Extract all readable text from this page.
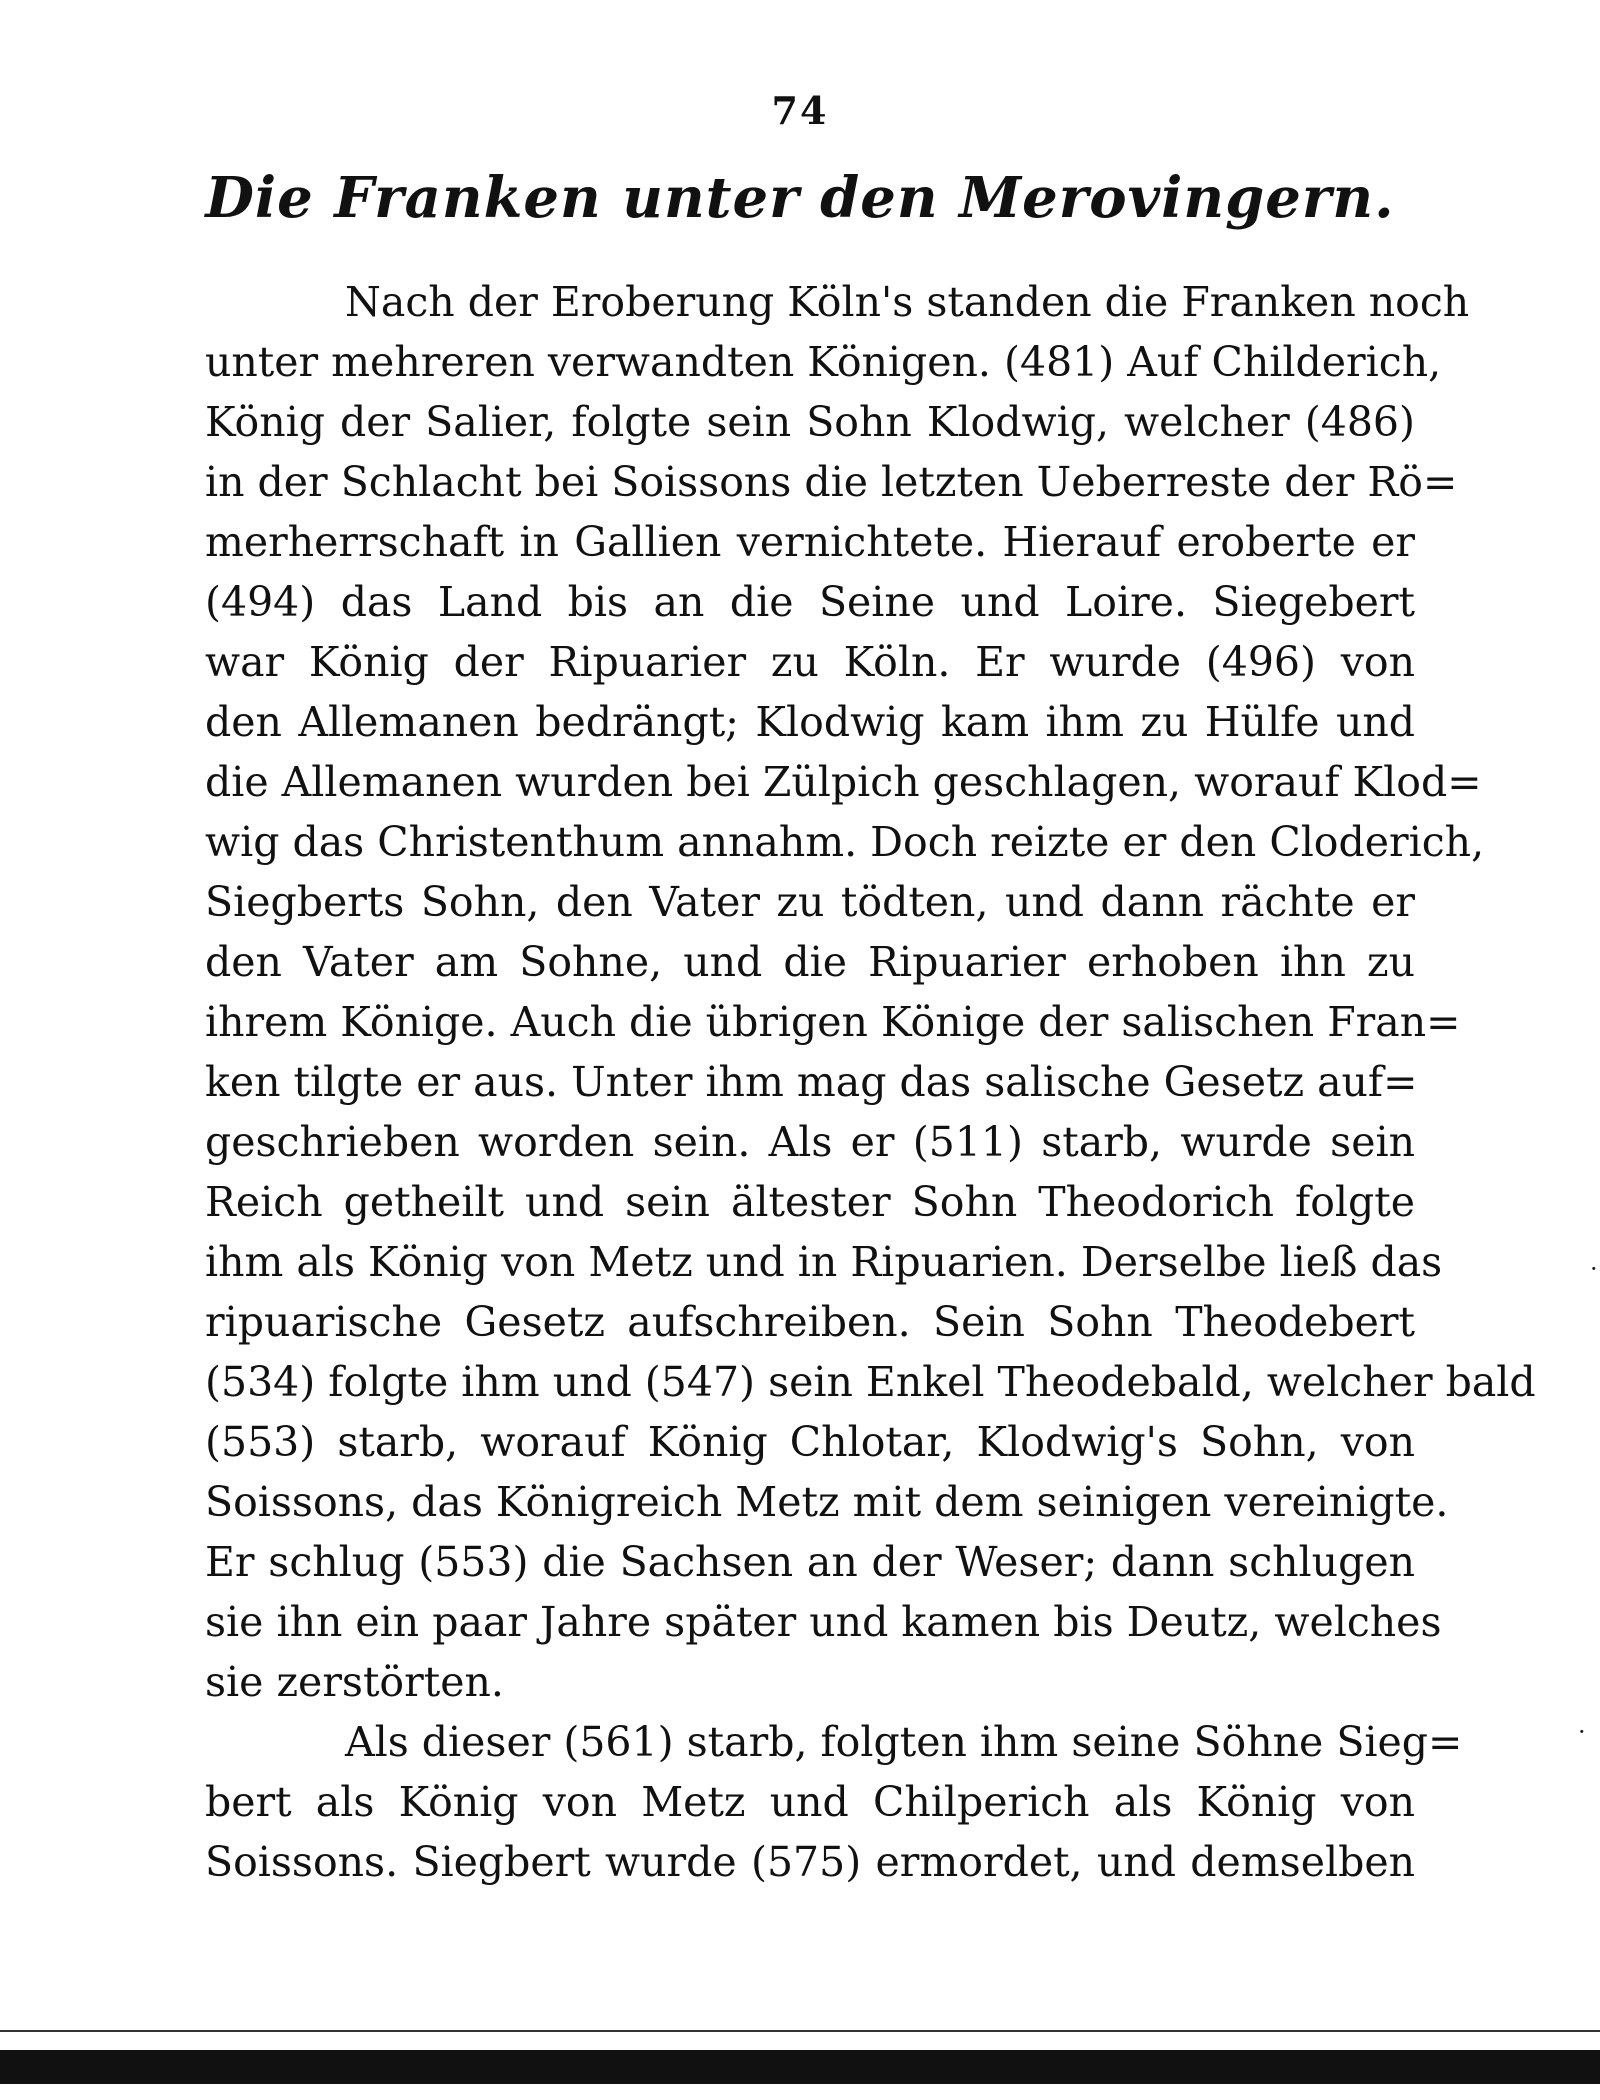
74
Die Franken unter den Merovingern.
Nach der Eroberung Köln's standen die Franken noch
unter mehreren verwandten Königen. (481) Auf Childerich,
König der Salier, folgte sein Sohn Klodwig, welcher (486)
in der Schlacht bei Soissons die letzten Ueberreste der Rö=
merherrschaft in Gallien vernichtete. Hierauf eroberte er
(494) das Land bis an die Seine und Loire. Siegebert
war König der Ripuarier zu Köln. Er wurde (496) von
den Allemanen bedrängt; Klodwig kam ihm zu Hülfe und
die Allemanen wurden bei Zülpich geschlagen, worauf Klod=
wig das Christenthum annahm. Doch reizte er den Cloderich,
Siegberts Sohn, den Vater zu tödten, und dann rächte er
den Vater am Sohne, und die Ripuarier erhoben ihn zu
ihrem Könige. Auch die übrigen Könige der salischen Fran=
ken tilgte er aus. Unter ihm mag das salische Gesetz auf=
geschrieben worden sein. Als er (511) starb, wurde sein
Reich getheilt und sein ältester Sohn Theodorich folgte
ihm als König von Metz und in Ripuarien. Derselbe ließ das
ripuarische Gesetz aufschreiben. Sein Sohn Theodebert
(534) folgte ihm und (547) sein Enkel Theodebald, welcher bald
(553) starb, worauf König Chlotar, Klodwig's Sohn, von
Soissons, das Königreich Metz mit dem seinigen vereinigte.
Er schlug (553) die Sachsen an der Weser; dann schlugen
sie ihn ein paar Jahre später und kamen bis Deutz, welches
sie zerstörten.
Als dieser (561) starb, folgten ihm seine Söhne Sieg=
bert als König von Metz und Chilperich als König von
Soissons. Siegbert wurde (575) ermordet, und demselben
·
·
